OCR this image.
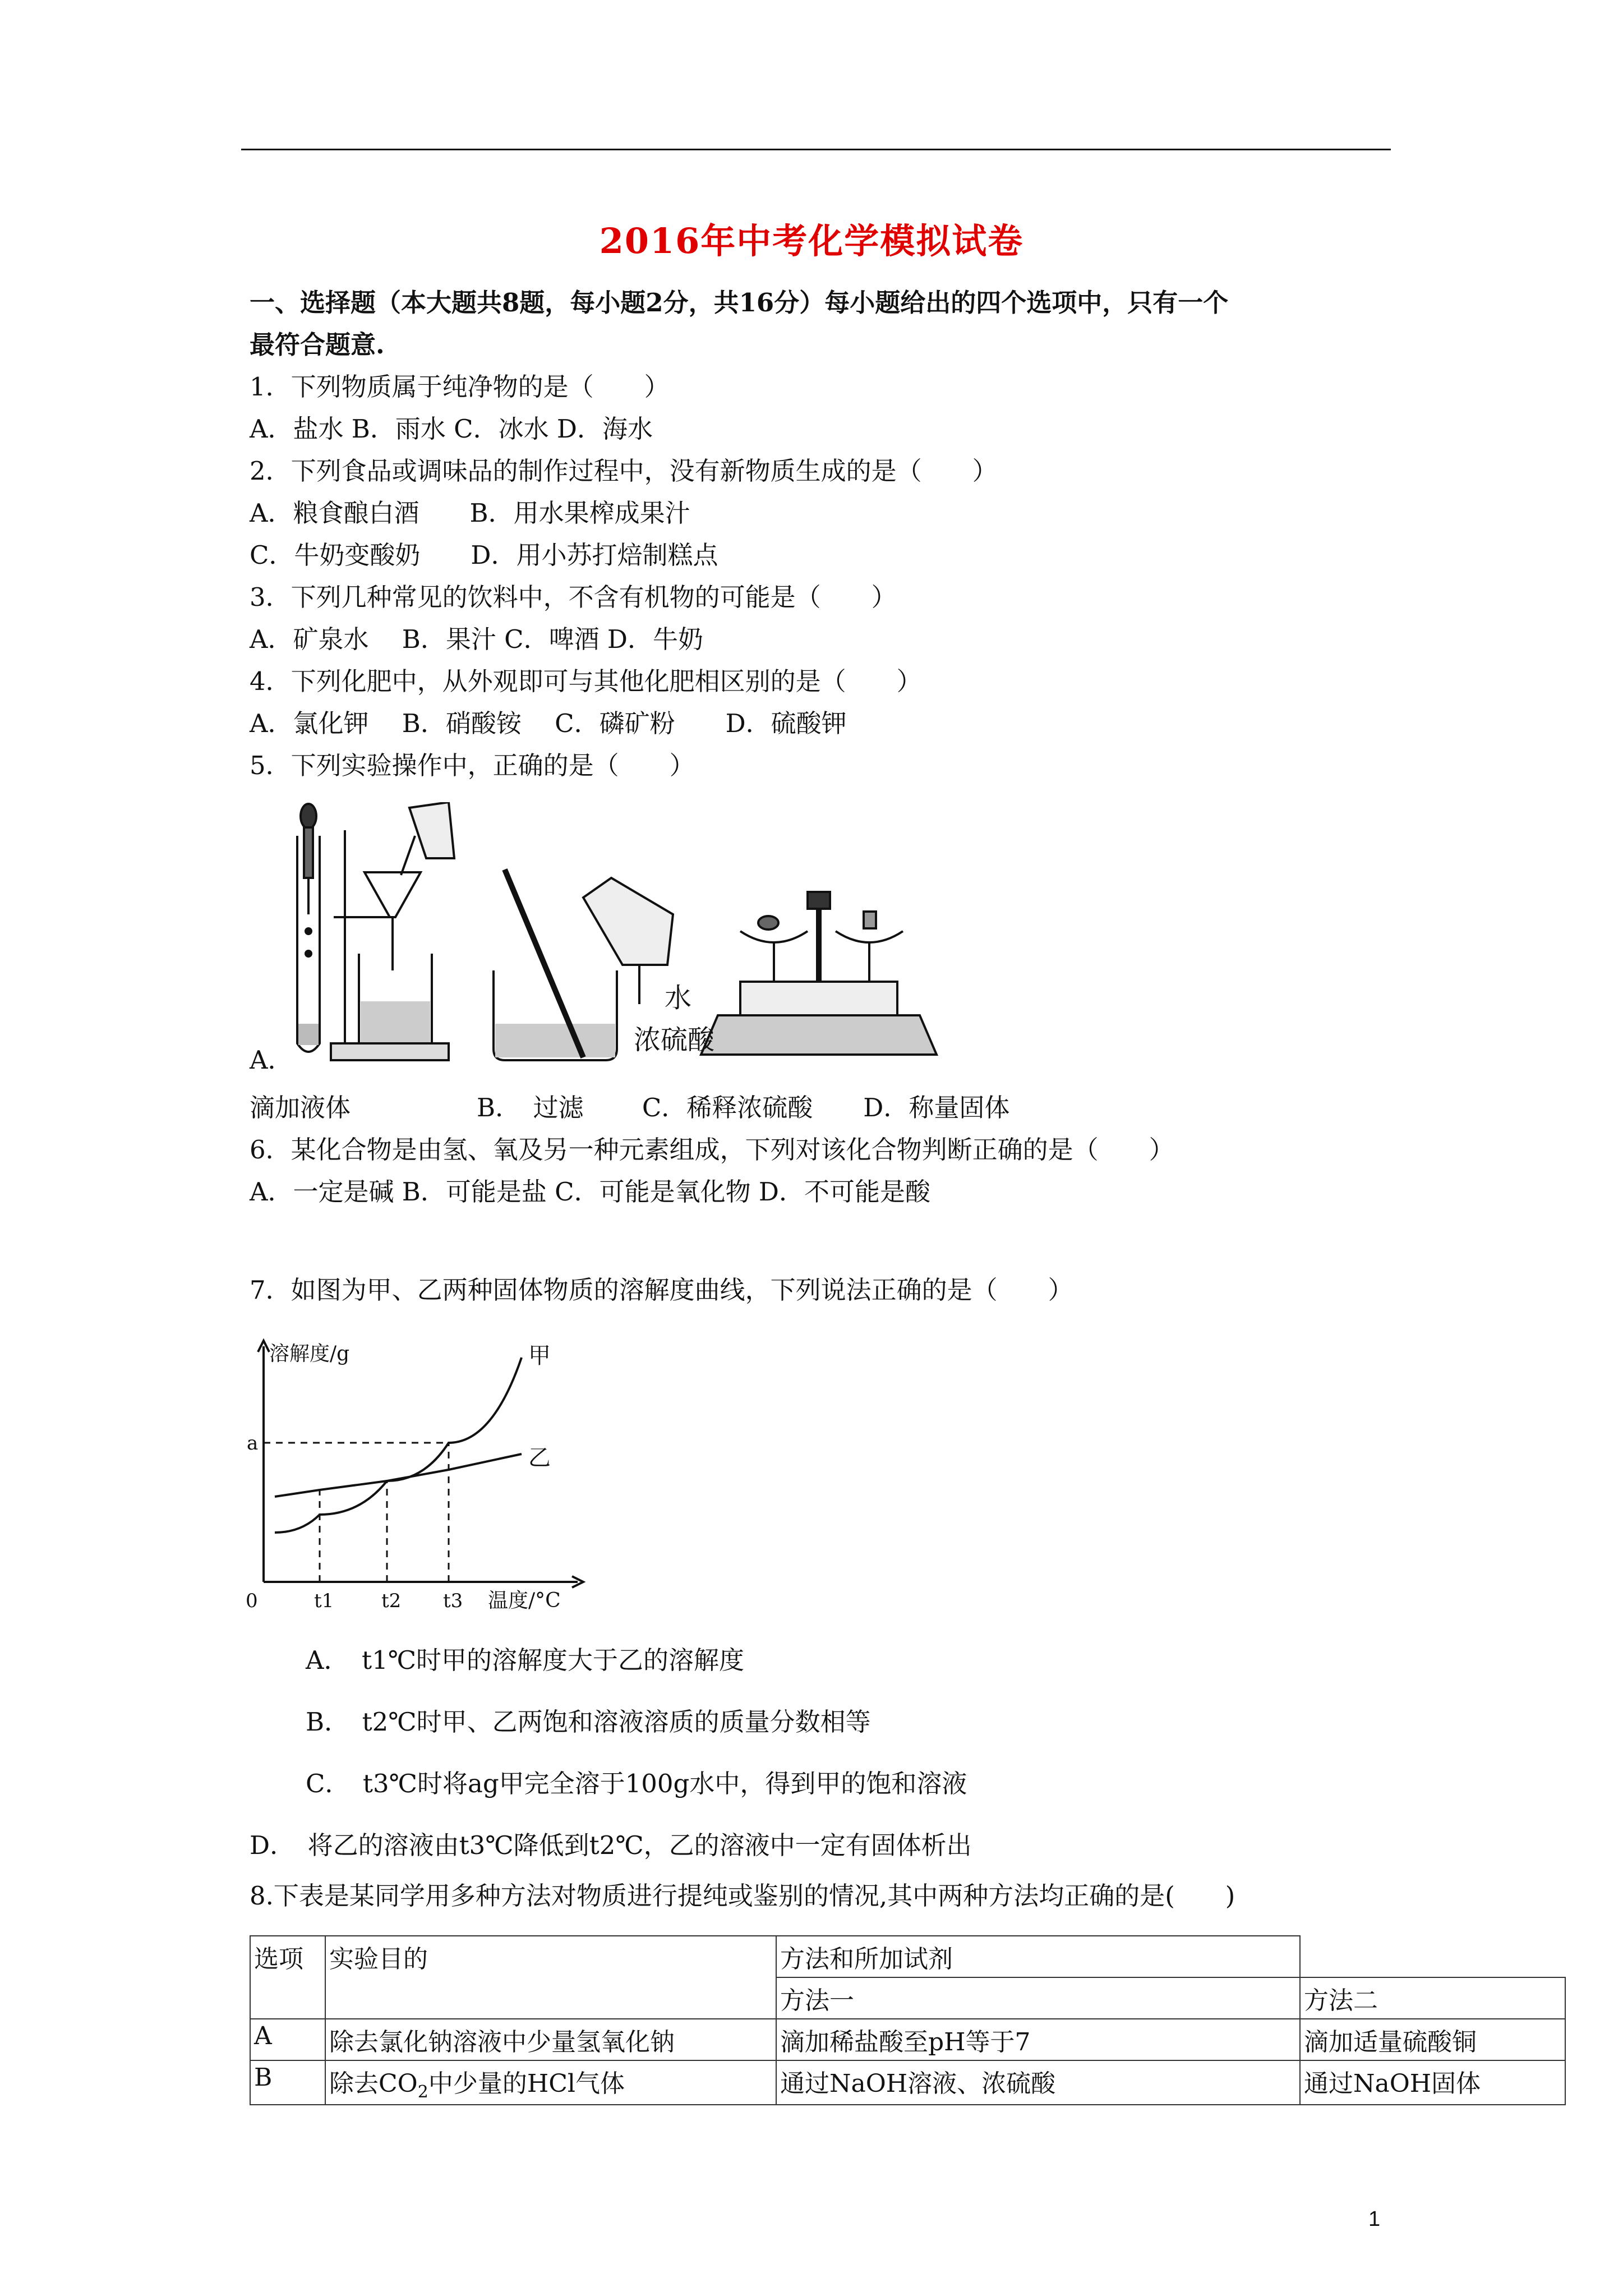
2016年中考化学模拟试卷
一、选择题（本大题共8题，每小题2分，共16分）每小题给出的四个选项中，只有一个
最符合题意.
1．下列物质属于纯净物的是（　　）
A．盐水 B．雨水 C．冰水 D．海水
2．下列食品或调味品的制作过程中，没有新物质生成的是（　　）
A．粮食酿白酒　　B．用水果榨成果汁
C．牛奶变酸奶　　D．用小苏打焙制糕点
3．下列几种常见的饮料中，不含有机物的可能是（　　）
A．矿泉水　 B．果汁 C．啤酒 D．牛奶
4．下列化肥中，从外观即可与其他化肥相区别的是（　　）
A．氯化钾　 B．硝酸铵　 C．磷矿粉　　D．硫酸钾
5．下列实验操作中，正确的是（　　）
水
浓硫酸
A．
滴加液体　　　　　B．　过滤　　 C．稀释浓硫酸　　D．称量固体
6．某化合物是由氢、氧及另一种元素组成，下列对该化合物判断正确的是（　　）
A．一定是碱 B．可能是盐 C．可能是氧化物 D．不可能是酸
7．如图为甲、乙两种固体物质的溶解度曲线，下列说法正确的是（　　）
甲
乙
t1 t2 t3
a
0
溶解度/g
温度/°C
A．　t1℃时甲的溶解度大于乙的溶解度
B．　t2℃时甲、乙两饱和溶液溶质的质量分数相等
C．　t3℃时将ag甲完全溶于100g水中，得到甲的饱和溶液
D．　将乙的溶液由t3℃降低到t2℃，乙的溶液中一定有固体析出
8.下表是某同学用多种方法对物质进行提纯或鉴别的情况,其中两种方法均正确的是(　　)
选项	实验目的	方法和所加试剂	
		方法一	方法二
A	除去氯化钠溶液中少量氢氧化钠	滴加稀盐酸至pH等于7	滴加适量硫酸铜
B	除去$CO_2$中少量的HCl气体	通过NaOH溶液、浓硫酸	通过NaOH固体
1
